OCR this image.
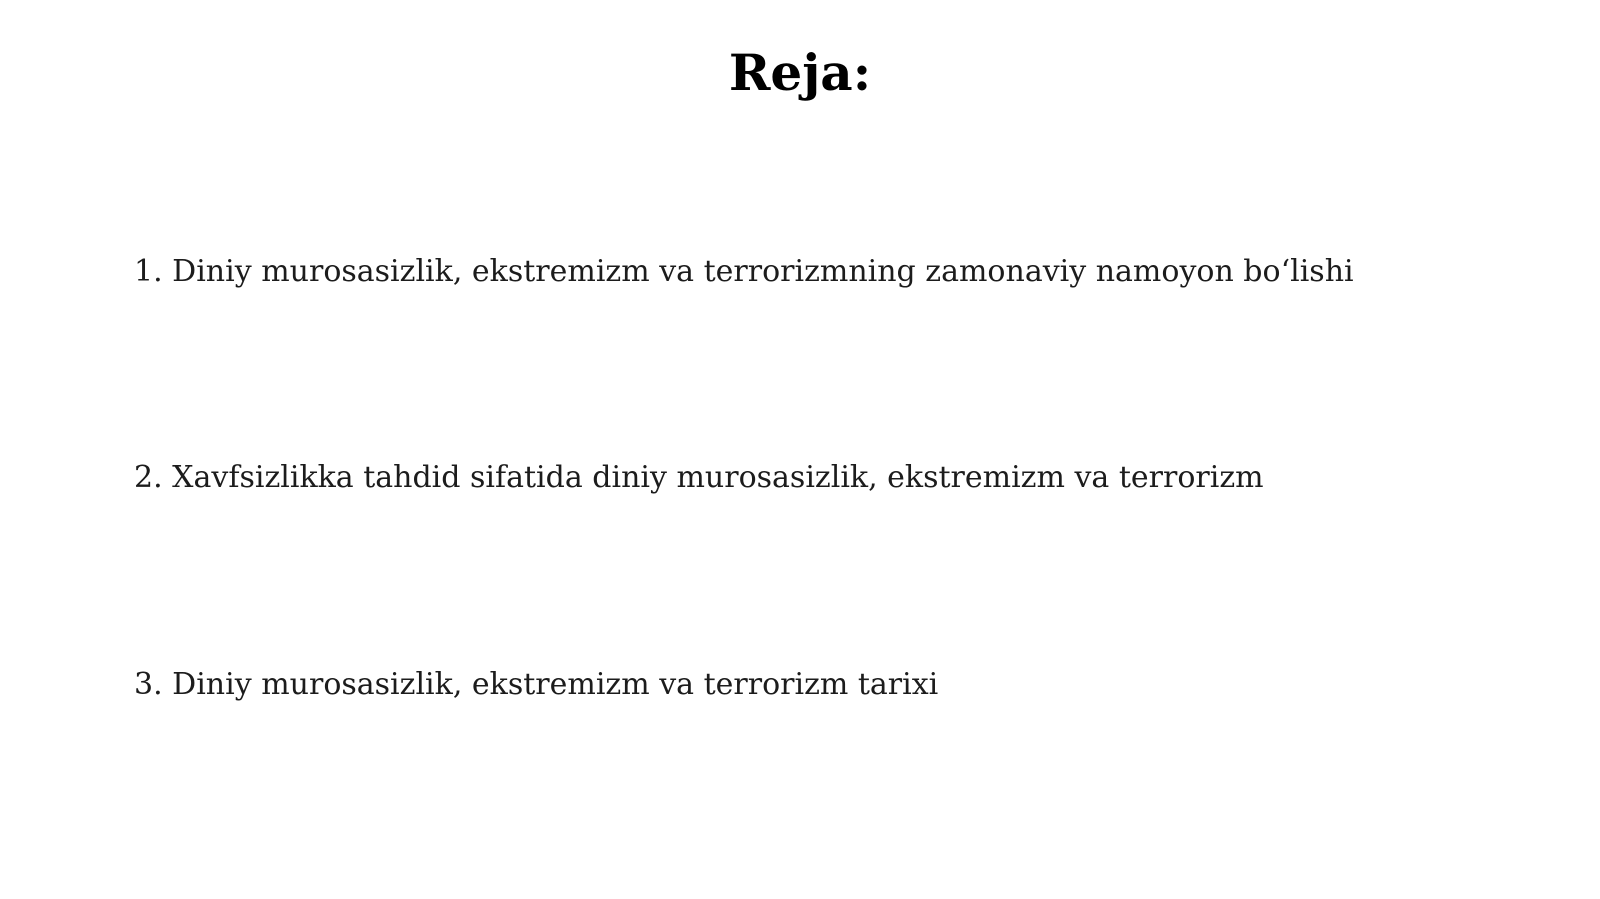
Reja:
1. Diniy murosasizlik, ekstremizm va terrorizmning zamonaviy namoyon boʻlishi
2. Xavfsizlikka tahdid sifatida diniy murosasizlik, ekstremizm va terrorizm
3. Diniy murosasizlik, ekstremizm va terrorizm tarixi
